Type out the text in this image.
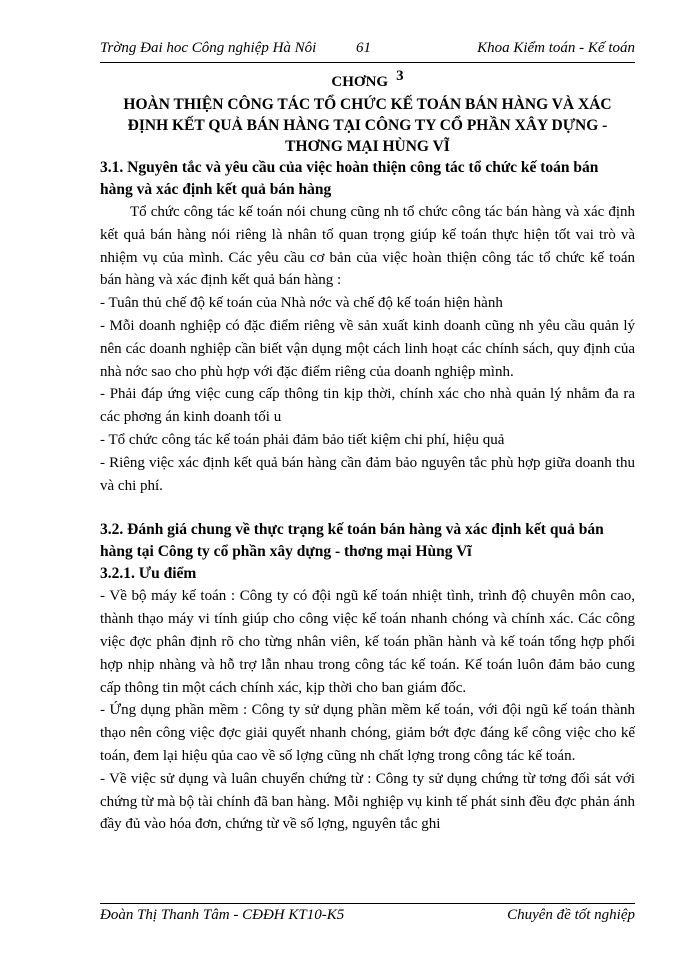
Trờng Đai hoc Công nghiệp Hà Nôi	61	Khoa Kiểm toán - Kế toán
CHƠNG 3
HOÀN THIỆN CÔNG TÁC TỔ CHỨC KẾ TOÁN BÁN HÀNG VÀ XÁC
ĐỊNH KẾT QUẢ BÁN HÀNG TẠI CÔNG TY CỔ PHẦN XÂY DỰNG -
THƠNG MẠI HÙNG VĨ
3.1. Nguyên tắc và yêu cầu của việc hoàn thiện công tác tổ chức kế toán bán hàng và xác định kết quả bán hàng

Tổ chức công tác kế toán nói chung cũng nh tổ chức công tác bán hàng và xác định kết quả bán hàng nói riêng là nhân tố quan trọng giúp kế toán thực hiện tốt vai trò và nhiệm vụ của mình. Các yêu cầu cơ bản của việc hoàn thiện công tác tổ chức kế toán bán hàng và xác định kết quả bán hàng :

- Tuân thủ chế độ kế toán của Nhà nớc và chế độ kế toán hiện hành

- Mỗi doanh nghiệp có đặc điểm riêng về sản xuất kinh doanh cũng nh yêu cầu quản lý nên các doanh nghiệp cần biết vận dụng một cách linh hoạt các chính sách, quy định của nhà nớc sao cho phù hợp với đặc điểm riêng của doanh nghiệp mình.

- Phải đáp ứng việc cung cấp thông tin kịp thời, chính xác cho nhà quản lý nhằm đa ra các phơng án kinh doanh tối u

- Tổ chức công tác kế toán phải đảm bảo tiết kiệm chi phí, hiệu quả

- Riêng việc xác định kết quả bán hàng cần đảm bảo nguyên tắc phù hợp giữa doanh thu và chi phí.

3.2. Đánh giá chung về thực trạng kế toán bán hàng và xác định kết quả bán hàng tại Công ty cổ phần xây dựng - thơng mại Hùng Vĩ
3.2.1. Ưu điểm

- Về bộ máy kế toán : Công ty có đội ngũ kế toán nhiệt tình, trình độ chuyên môn cao, thành thạo máy vi tính giúp cho công việc kế toán nhanh chóng và chính xác. Các công việc đợc phân định rõ cho từng nhân viên, kế toán phần hành và kế toán tổng hợp phối hợp nhịp nhàng và hỗ trợ lẫn nhau trong công tác kế toán. Kế toán luôn đảm bảo cung cấp thông tin một cách chính xác, kịp thời cho ban giám đốc.

- Ứng dụng phần mềm : Công ty sử dụng phần mềm kế toán, với đội ngũ kế toán thành thạo nên công việc đợc giải quyết nhanh chóng, giảm bớt đợc đáng kể công việc cho kế toán, đem lại hiệu qủa cao về số lợng cũng nh chất lợng trong công tác kế toán.

- Về việc sử dụng và luân chuyển chứng từ : Công ty sử dụng chứng từ tơng đối sát với chứng từ mà bộ tài chính đã ban hàng. Mỗi nghiệp vụ kinh tế phát sinh đều đợc phản ánh đầy đủ vào hóa đơn, chứng từ về số lợng, nguyên tắc ghi

Đoàn Thị Thanh Tâm - CĐĐH KT10-K5	Chuyên đề tốt nghiệp
